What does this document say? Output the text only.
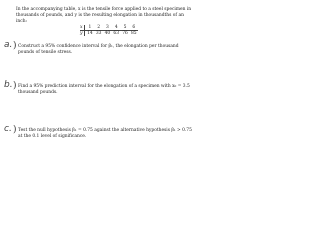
In the accompanying table, x is the tensile force applied to a steel specimen in thousands of pounds, and y is the resulting elongation in thousandths of an inch:

x	1	2	3	4	5	6
y	14	33	40	63	76	85
a. ) Construct a 95% confidence interval for β₁, the elongation per thousand pounds of tensile stress.

b. ) Find a 95% prediction interval for the elongation of a specimen with x₀ = 3.5 thousand pounds.

c. ) Test the null hypothesis β₁ = 0.75 against the alternative hypothesis β₁ > 0.75 at the 0.1 level of significance.
